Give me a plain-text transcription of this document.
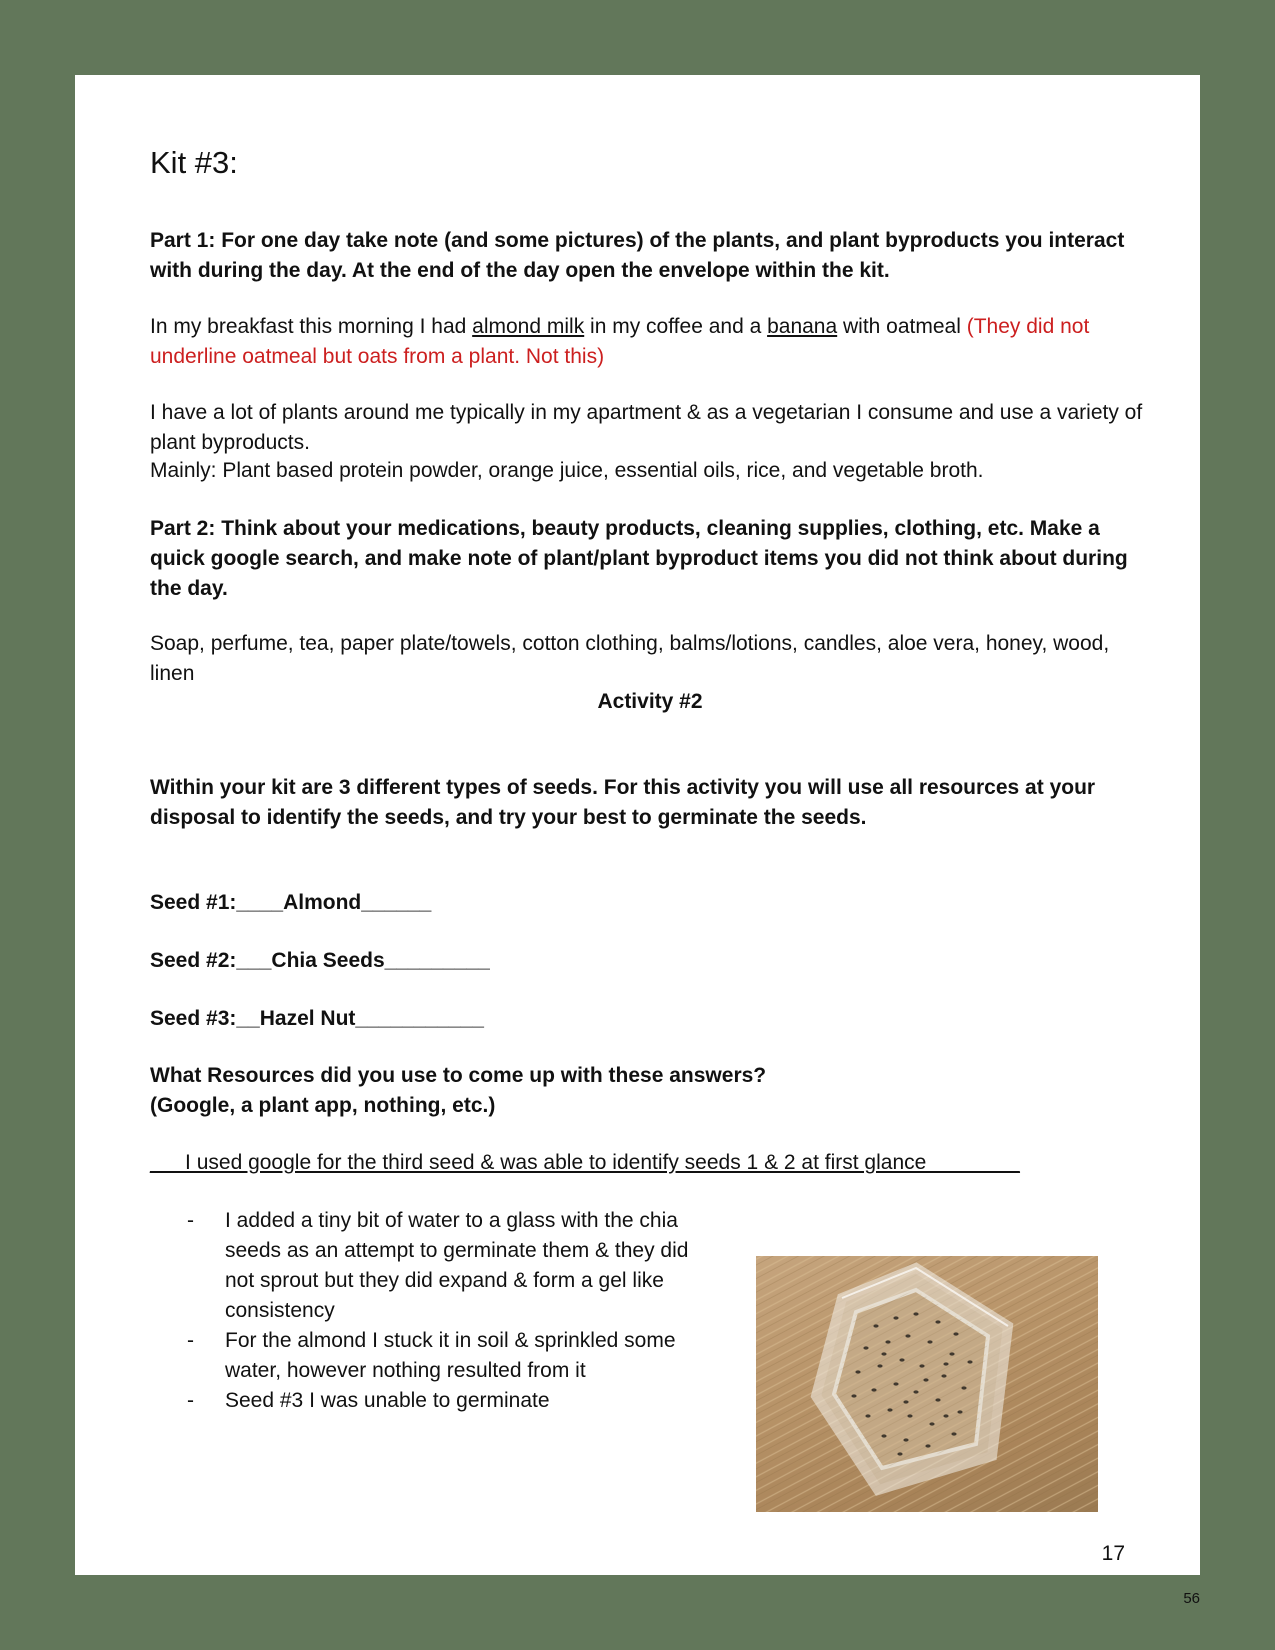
Kit #3:

Part 1: For one day take note (and some pictures) of the plants, and plant byproducts you interact with during the day. At the end of the day open the envelope within the kit.

In my breakfast this morning I had almond milk in my coffee and a banana with oatmeal (They did not underline oatmeal but oats from a plant. Not this)

I have a lot of plants around me typically in my apartment & as a vegetarian I consume and use a variety of plant byproducts.

Mainly: Plant based protein powder, orange juice, essential oils, rice, and vegetable broth.

Part 2: Think about your medications, beauty products, cleaning supplies, clothing, etc. Make a quick google search, and make note of plant/plant byproduct items you did not think about during the day.

Soap, perfume, tea, paper plate/towels, cotton clothing, balms/lotions, candles, aloe vera, honey, wood, linen

Activity #2

Within your kit are 3 different types of seeds. For this activity you will use all resources at your disposal to identify the seeds, and try your best to germinate the seeds.

Seed #1:____Almond______

Seed #2:___Chia Seeds_________

Seed #3:__Hazel Nut___________

What Resources did you use to come up with these answers?

(Google, a plant app, nothing, etc.)

___I used google for the third seed & was able to identify seeds 1 & 2 at first glance________

- I added a tiny bit of water to a glass with the chia seeds as an attempt to germinate them & they did not sprout but they did expand & form a gel like consistency
- For the almond I stuck it in soil & sprinkled some water, however nothing resulted from it
- Seed #3 I was unable to germinate
17
56
